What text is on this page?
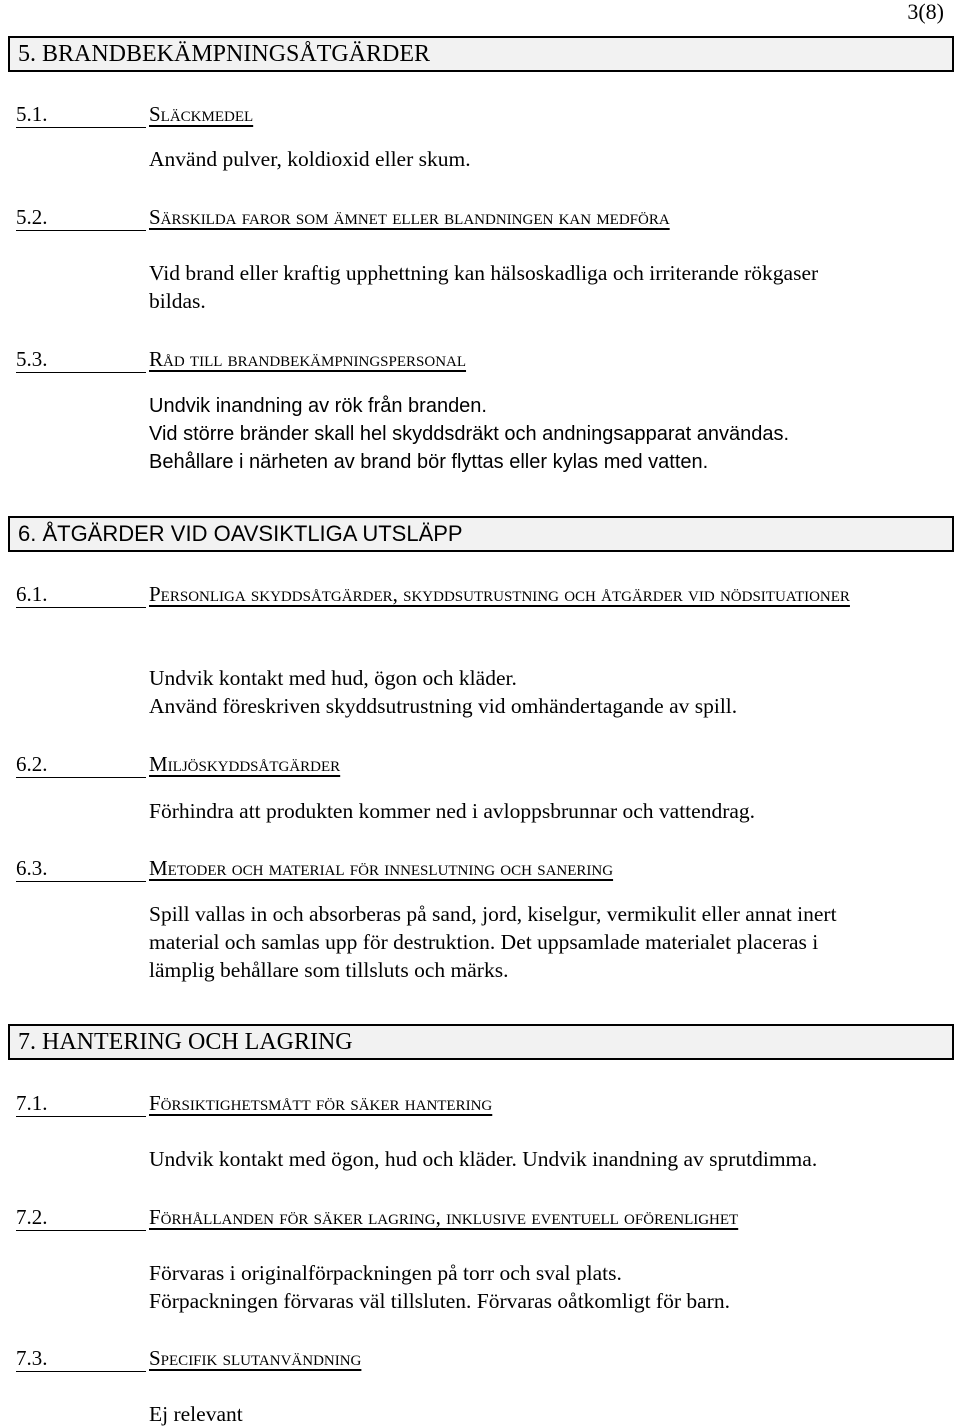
3(8)
5. BRANDBEKÄMPNINGSÅTGÄRDER
5.1.	Släckmedel
Använd pulver, koldioxid eller skum.
5.2.	Särskilda faror som ämnet eller blandningen kan medföra
Vid brand eller kraftig upphettning kan hälsoskadliga och irriterande rökgaser
bildas.
5.3.	Råd till brandbekämpningspersonal
Undvik inandning av rök från branden.
Vid större bränder skall hel skyddsdräkt och andningsapparat användas.
Behållare i närheten av brand bör flyttas eller kylas med vatten.
6. ÅTGÄRDER VID OAVSIKTLIGA UTSLÄPP
6.1.	Personliga skyddsåtgärder, skyddsutrustning och åtgärder vid nödsituationer
Undvik kontakt med hud, ögon och kläder.
Använd föreskriven skyddsutrustning vid omhändertagande av spill.
6.2.	Miljöskyddsåtgärder
Förhindra att produkten kommer ned i avloppsbrunnar och vattendrag.
6.3.	Metoder och material för inneslutning och sanering
Spill vallas in och absorberas på sand, jord, kiselgur, vermikulit eller annat inert
material och samlas upp för destruktion. Det uppsamlade materialet placeras i
lämplig behållare som tillsluts och märks.
7. HANTERING OCH LAGRING
7.1.	Försiktighetsmått för säker hantering
Undvik kontakt med ögon, hud och kläder. Undvik inandning av sprutdimma.
7.2.	Förhållanden för säker lagring, inklusive eventuell oförenlighet
Förvaras i originalförpackningen på torr och sval plats.
Förpackningen förvaras väl tillsluten. Förvaras oåtkomligt för barn.
7.3.	Specifik slutanvändning
Ej relevant
